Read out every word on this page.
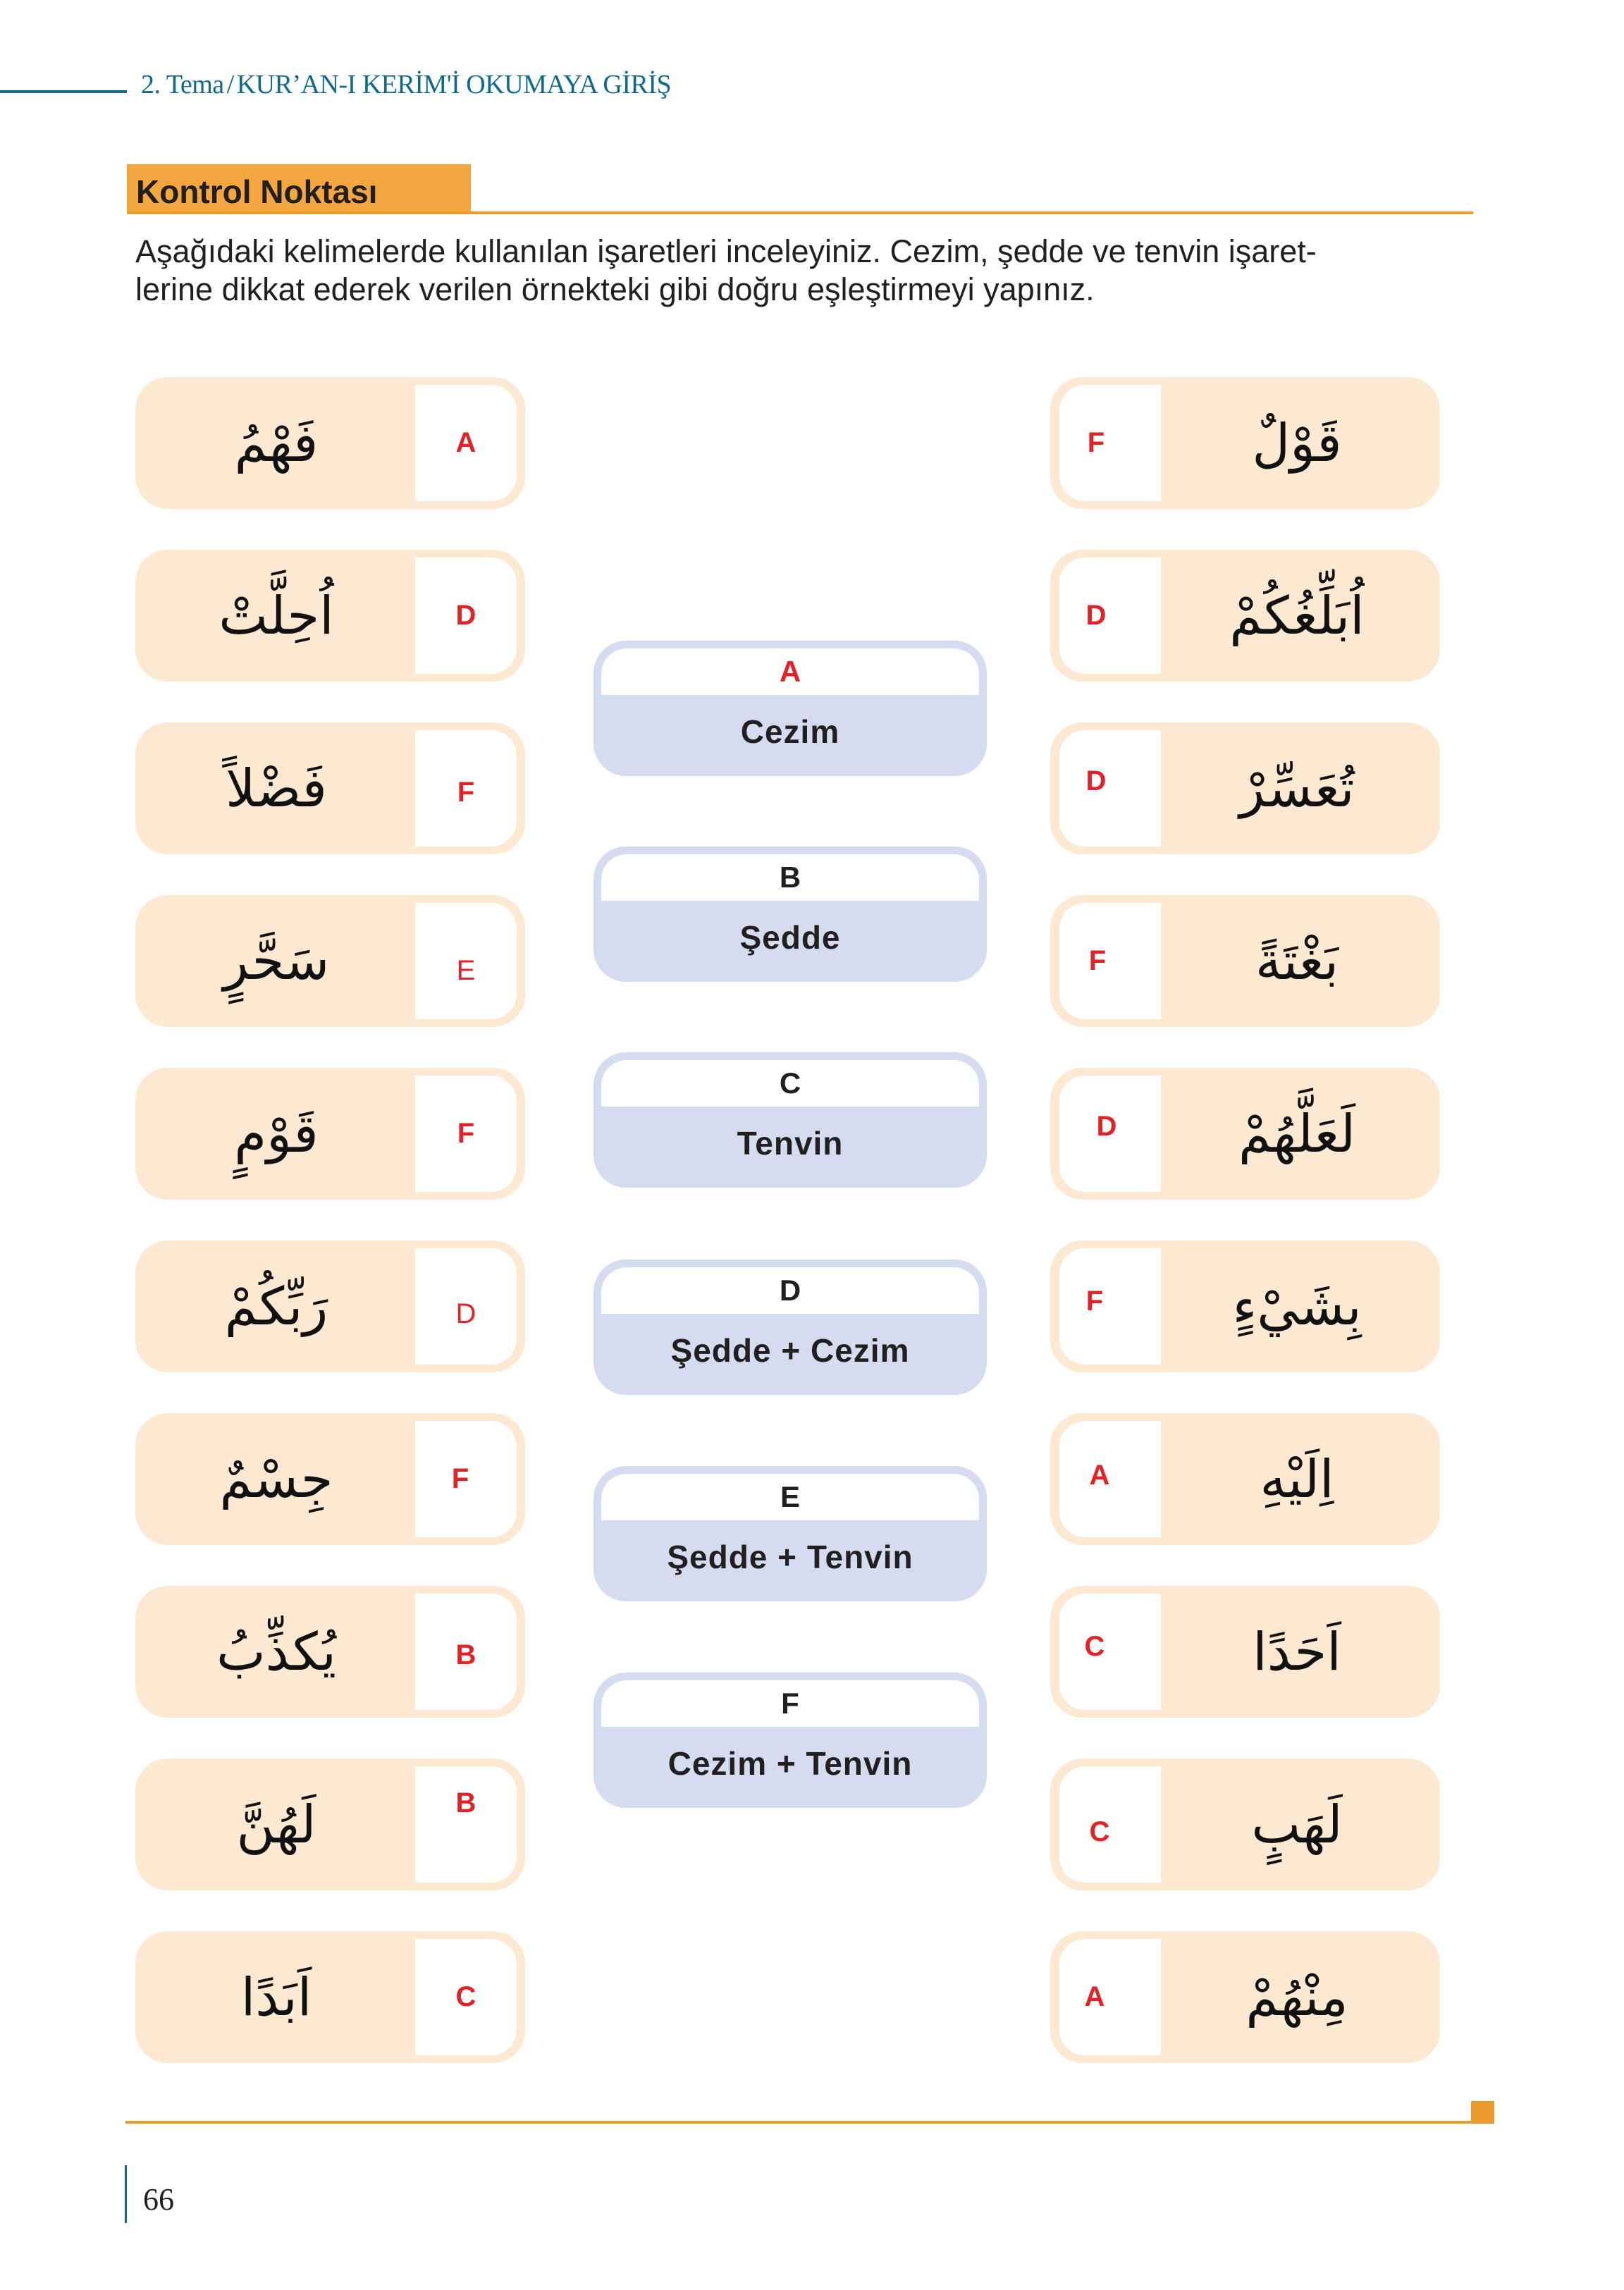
2. Tema / KUR’AN-I KERİM'İ OKUMAYA GİRİŞ
Kontrol Noktası
Aşağıdaki kelimelerde kullanılan işaretleri inceleyiniz. Cezim, şedde ve tenvin işaret-
lerine dikkat ederek verilen örnekteki gibi doğru eşleştirmeyi yapınız.
فَهْمُ	A
اُحِلَّتْ	D
فَضْلاً	F
سَحَّرٍ	E
قَوْمٍ	F
رَبِّكُمْ	D
جِسْمٌ	F
يُكذِّبُ	B
لَهُنَّ	B
اَبَدًا	C
A
Cezim
B
Şedde
C
Tenvin
D
Şedde + Cezim
E
Şedde + Tenvin
F
Cezim + Tenvin
F	قَوْلٌ
D	اُبَلِّغُكُمْ
D	تُعَسِّرْ
F	بَغْتَةً
D	لَعَلَّهُمْ
F	بِشَيْءٍ
A	اِلَيْهِ
C	اَحَدًا
C	لَهَبٍ
A	مِنْهُمْ
66
